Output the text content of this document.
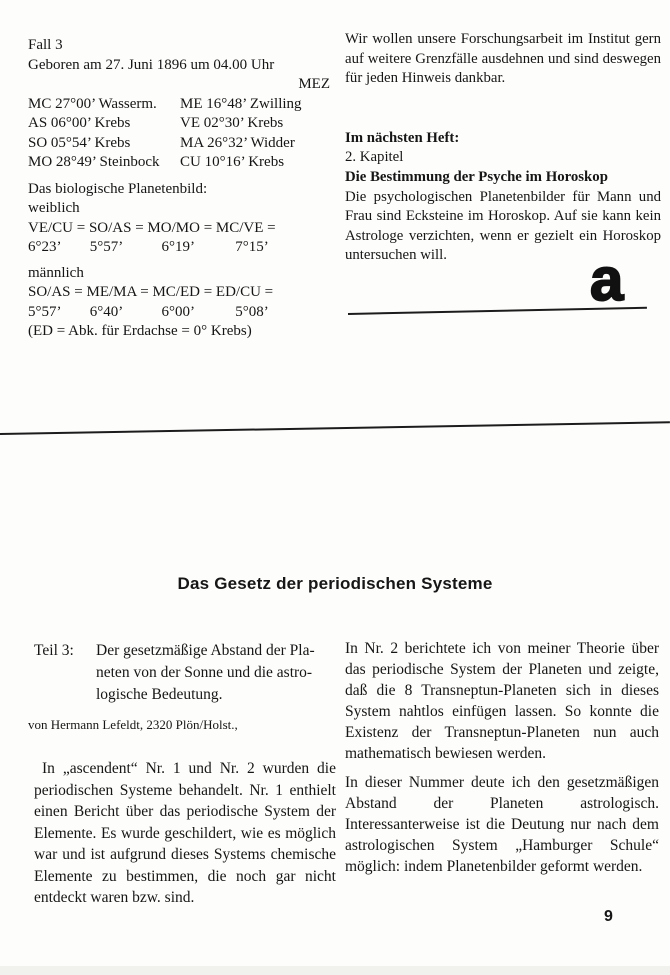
Fall 3
Geboren am 27. Juni 1896 um 04.00 Uhr
MEZ
MC 27°00’ Wasserm.	ME 16°48’ Zwilling
AS 06°00’ Krebs	VE 02°30’ Krebs
SO 05°54’ Krebs	MA 26°32’ Widder
MO 28°49’ Steinbock	CU 10°16’ Krebs
Das biologische Planetenbild:
weiblich
VE/CU = SO/AS = MO/MO = MC/VE =
6°23’ 5°57’	6°19’	7°15’
männlich
SO/AS = ME/MA = MC/ED = ED/CU =
5°57’ 6°40’	6°00’	5°08’
(ED = Abk. für Erdachse = 0° Krebs)

Wir wollen unsere Forschungsarbeit im Institut gern auf weitere Grenzfälle ausdehnen und sind deswegen für jeden Hinweis dankbar.

Im nächsten Heft:
2. Kapitel
Die Bestimmung der Psyche im Horoskop

Die psychologischen Planetenbilder für Mann und Frau sind Ecksteine im Horoskop. Auf sie kann kein Astrologe verzichten, wenn er gezielt ein Horoskop untersuchen will.	a
Das Gesetz der periodischen Systeme
Teil 3:	Der gesetzmäßige Abstand der Pla-
neten von der Sonne und die astro-
logische Bedeutung.
von Hermann Lefeldt, 2320 Plön/Holst.,

In „ascendent“ Nr. 1 und Nr. 2 wurden die periodischen Systeme behandelt. Nr. 1 enthielt einen Bericht über das periodische System der Elemente. Es wurde geschildert, wie es möglich war und ist aufgrund dieses Systems chemische Elemente zu bestimmen, die noch gar nicht entdeckt waren bzw. sind.

In Nr. 2 berichtete ich von meiner Theorie über das periodische System der Planeten und zeigte, daß die 8 Transneptun-Planeten sich in dieses System nahtlos einfügen lassen. So konnte die Existenz der Transneptun-Planeten nun auch mathematisch bewiesen werden.

In dieser Nummer deute ich den gesetzmäßigen Abstand der Planeten astrologisch. Interessanterweise ist die Deutung nur nach dem astrologischen System „Hamburger Schule“ möglich: indem Planetenbilder geformt werden.

9
